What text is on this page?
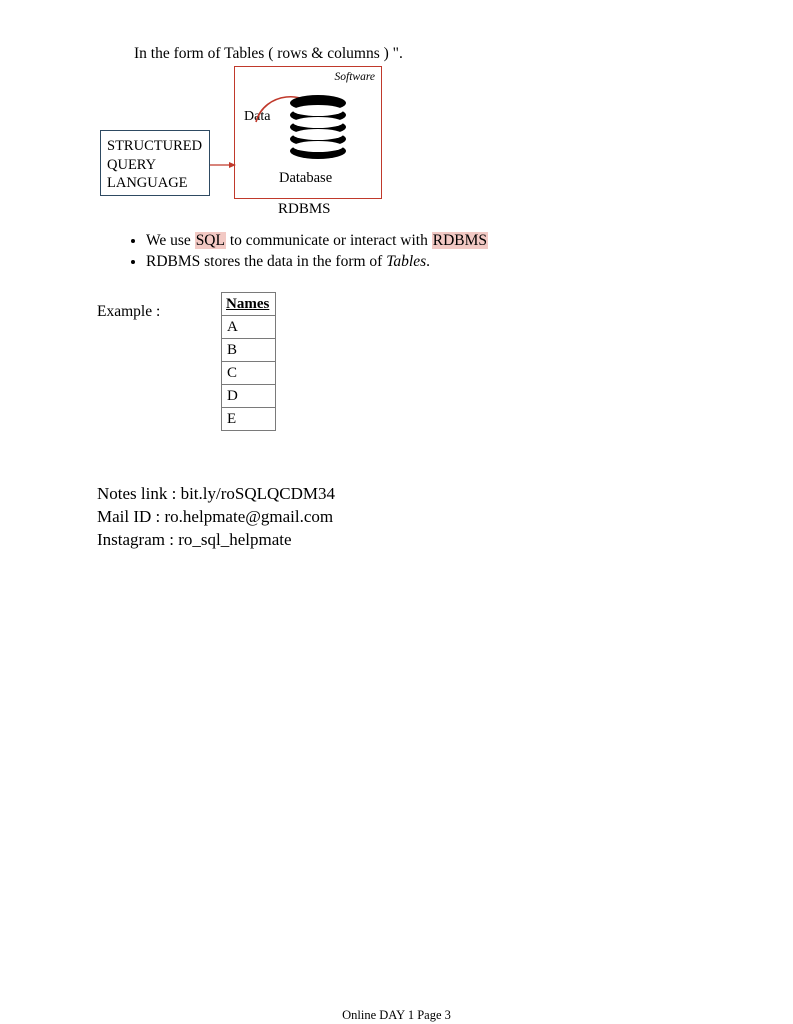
In the form of Tables ( rows & columns ) ".
STRUCTURED
QUERY
LANGUAGE
Software
Data
Database
RDBMS
• We use SQL to communicate or interact with RDBMS
• RDBMS stores the data in the form of Tables.
Example :	Names
A
B
C
D
E
Notes link : bit.ly/roSQLQCDM34
Mail ID : ro.helpmate@gmail.com
Instagram : ro_sql_helpmate
Online DAY 1 Page 3
